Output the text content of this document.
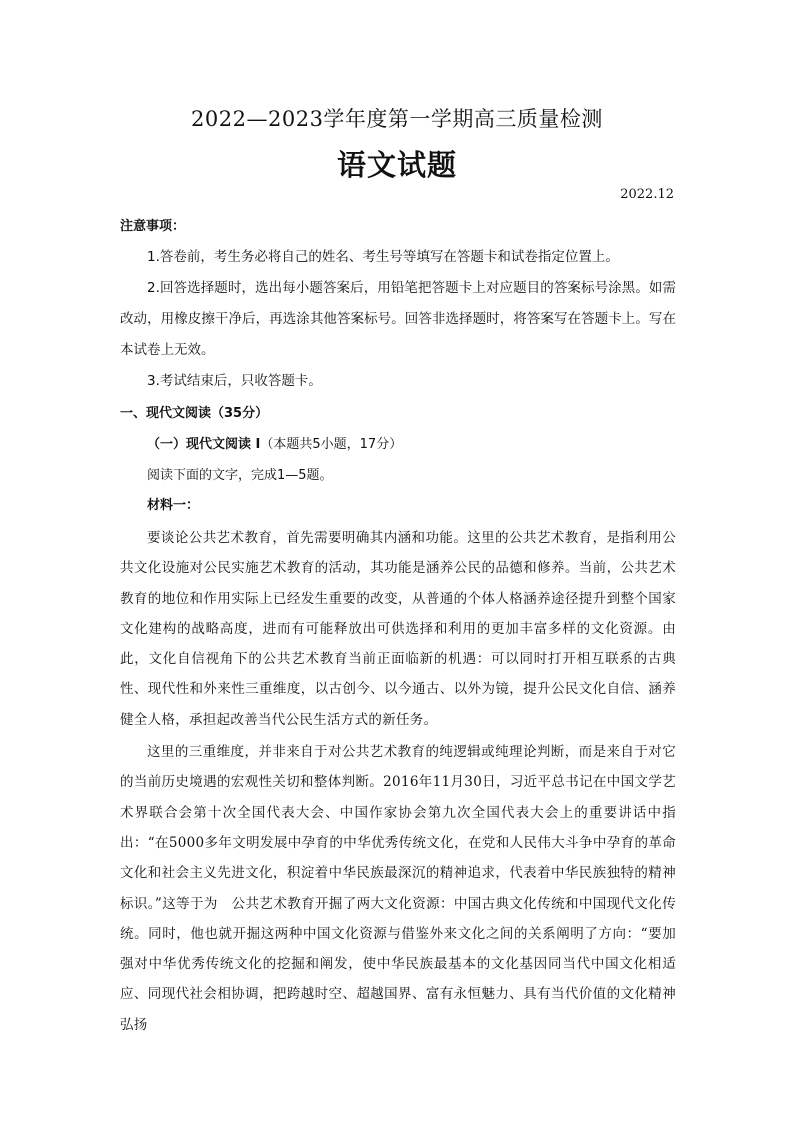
2022—2023学年度第一学期高三质量检测
语文试题
2022.12
注意事项：
1.答卷前，考生务必将自己的姓名、考生号等填写在答题卡和试卷指定位置上。
2.回答选择题时，选出每小题答案后，用铅笔把答题卡上对应题目的答案标号涂黑。如需改动，用橡皮擦干净后，再选涂其他答案标号。回答非选择题时，将答案写在答题卡上。写在本试卷上无效。
3.考试结束后，只收答题卡。
一、现代文阅读（35分）
（一）现代文阅读 I（本题共5小题，17分）
阅读下面的文字，完成1—5题。
材料一：
要谈论公共艺术教育，首先需要明确其内涵和功能。这里的公共艺术教育，是指利用公共文化设施对公民实施艺术教育的活动，其功能是涵养公民的品德和修养。当前，公共艺术教育的地位和作用实际上已经发生重要的改变，从普通的个体人格涵养途径提升到整个国家文化建构的战略高度，进而有可能释放出可供选择和利用的更加丰富多样的文化资源。由此，文化自信视角下的公共艺术教育当前正面临新的机遇：可以同时打开相互联系的古典性、现代性和外来性三重维度，以古创今、以今通古、以外为镜，提升公民文化自信、涵养健全人格，承担起改善当代公民生活方式的新任务。
这里的三重维度，并非来自于对公共艺术教育的纯逻辑或纯理论判断，而是来自于对它的当前历史境遇的宏观性关切和整体判断。2016年11月30日，习近平总书记在中国文学艺术界联合会第十次全国代表大会、中国作家协会第九次全国代表大会上的重要讲话中指出：“在5000多年文明发展中孕育的中华优秀传统文化，在党和人民伟大斗争中孕育的革命文化和社会主义先进文化，积淀着中华民族最深沉的精神追求，代表着中华民族独特的精神标识。”这等于为　公共艺术教育开掘了两大文化资源：中国古典文化传统和中国现代文化传统。同时，他也就开掘这两种中国文化资源与借鉴外来文化之间的关系阐明了方向：“要加强对中华优秀传统文化的挖掘和阐发，使中华民族最基本的文化基因同当代中国文化相适应、同现代社会相协调，把跨越时空、超越国界、富有永恒魅力、具有当代价值的文化精神弘扬
